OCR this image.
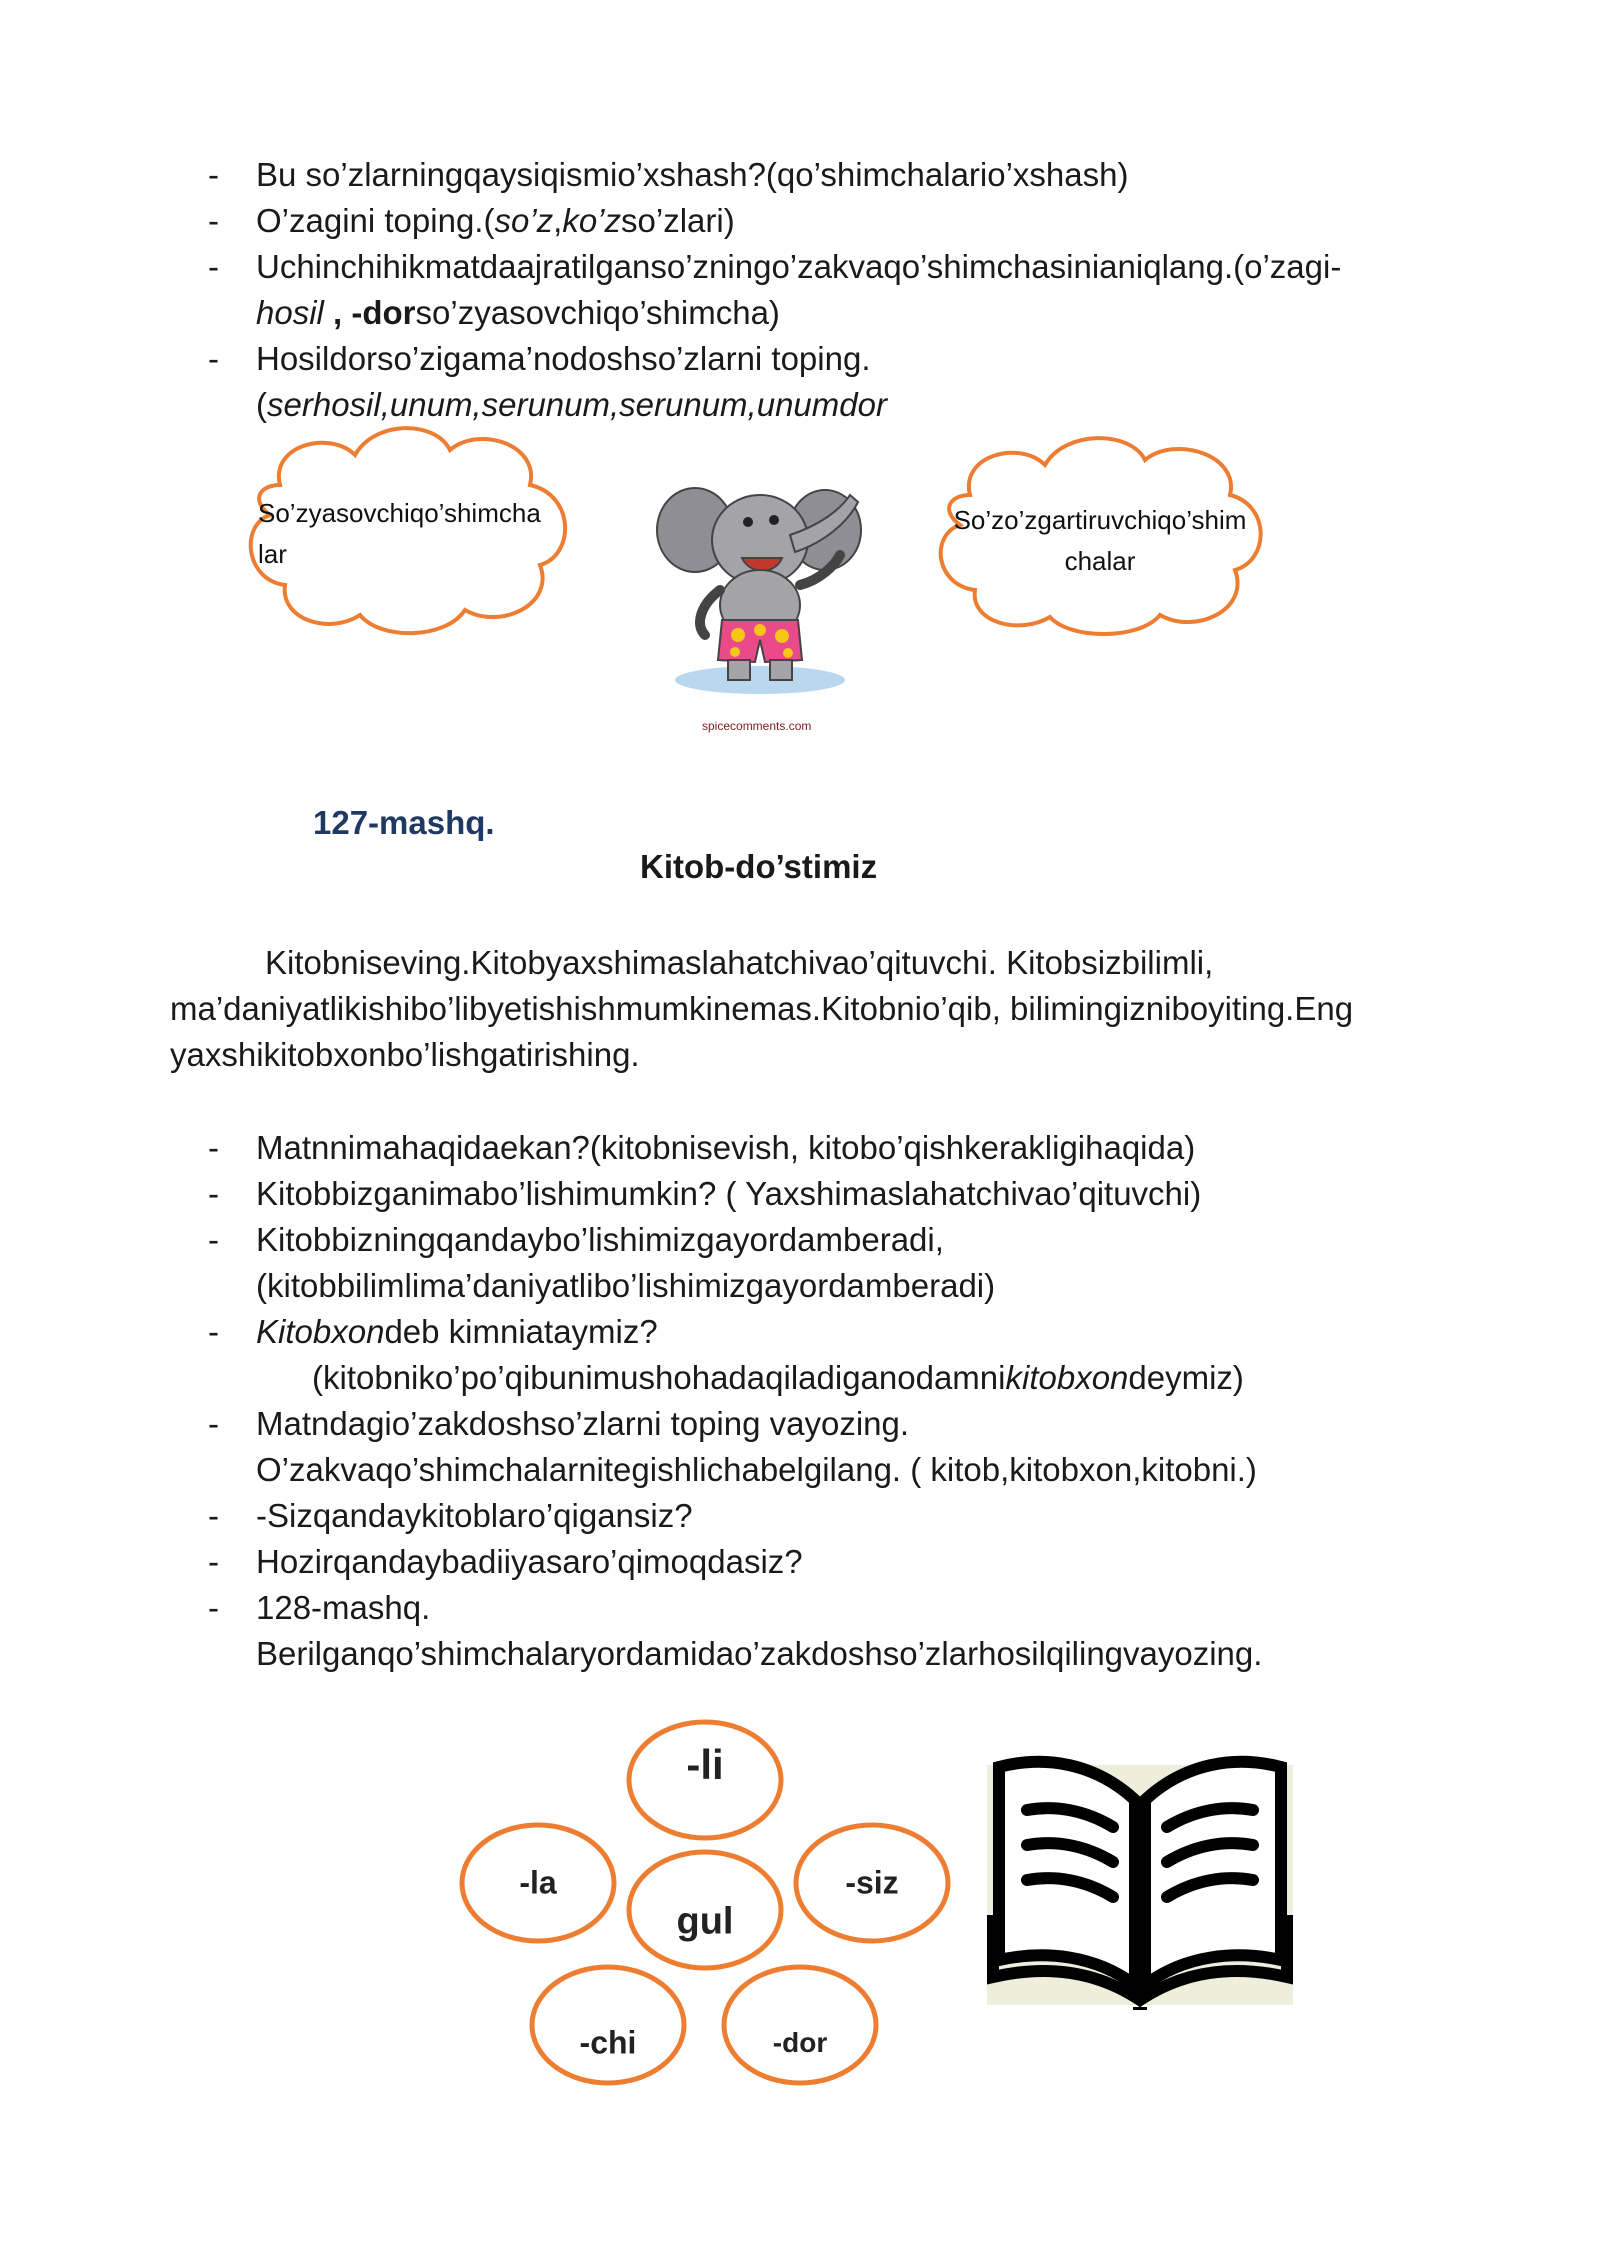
- Bu so’zlarningqaysiqismio’xshash?(qo’shimchalario’xshash)
- O’zagini toping.(so’z,ko’zso’zlari)
- Uchinchihikmatdaajratilganso’zningo’zakvaqo’shimchasinianiqlang.(o’zagi-
hosil , -dorso’zyasovchiqo’shimcha)
- Hosildorso’zigama’nodoshso’zlarni toping.
(serhosil,unum,serunum,serunum,unumdor
So’zyasovchiqo’shimcha
lar
So’zo’zgartiruvchiqo’shim
chalar
spicecomments.com
127-mashq.
Kitob-do’stimiz
Kitobniseving.Kitobyaxshimaslahatchivao’qituvchi. Kitobsizbilimli,
ma’daniyatlikishibo’libyetishishmumkinemas.Kitobnio’qib, bilimingizniboyiting.Eng
yaxshikitobxonbo’lishgatirishing.
- Matnnimahaqidaekan?(kitobnisevish, kitobo’qishkerakligihaqida)
- Kitobbizganimabo’lishimumkin? ( Yaxshimaslahatchivao’qituvchi)
- Kitobbizningqandaybo’lishimizgayordamberadi,
(kitobbilimlima’daniyatlibo’lishimizgayordamberadi)
- Kitobxondeb kimniataymiz?
(kitobniko’po’qibunimushohadaqiladiganodamnikitobxondeymiz)
- Matndagio’zakdoshso’zlarni toping vayozing.
O’zakvaqo’shimchalarnitegishlichabelgilang. ( kitob,kitobxon,kitobni.)
- -Sizqandaykitoblaro’qigansiz?
- Hozirqandaybadiiyasaro’qimoqdasiz?
- 128-mashq.
Berilganqo’shimchalaryordamidao’zakdoshso’zlarhosilqilingvayozing.
-li
-la
gul
-siz
-chi	-dor
